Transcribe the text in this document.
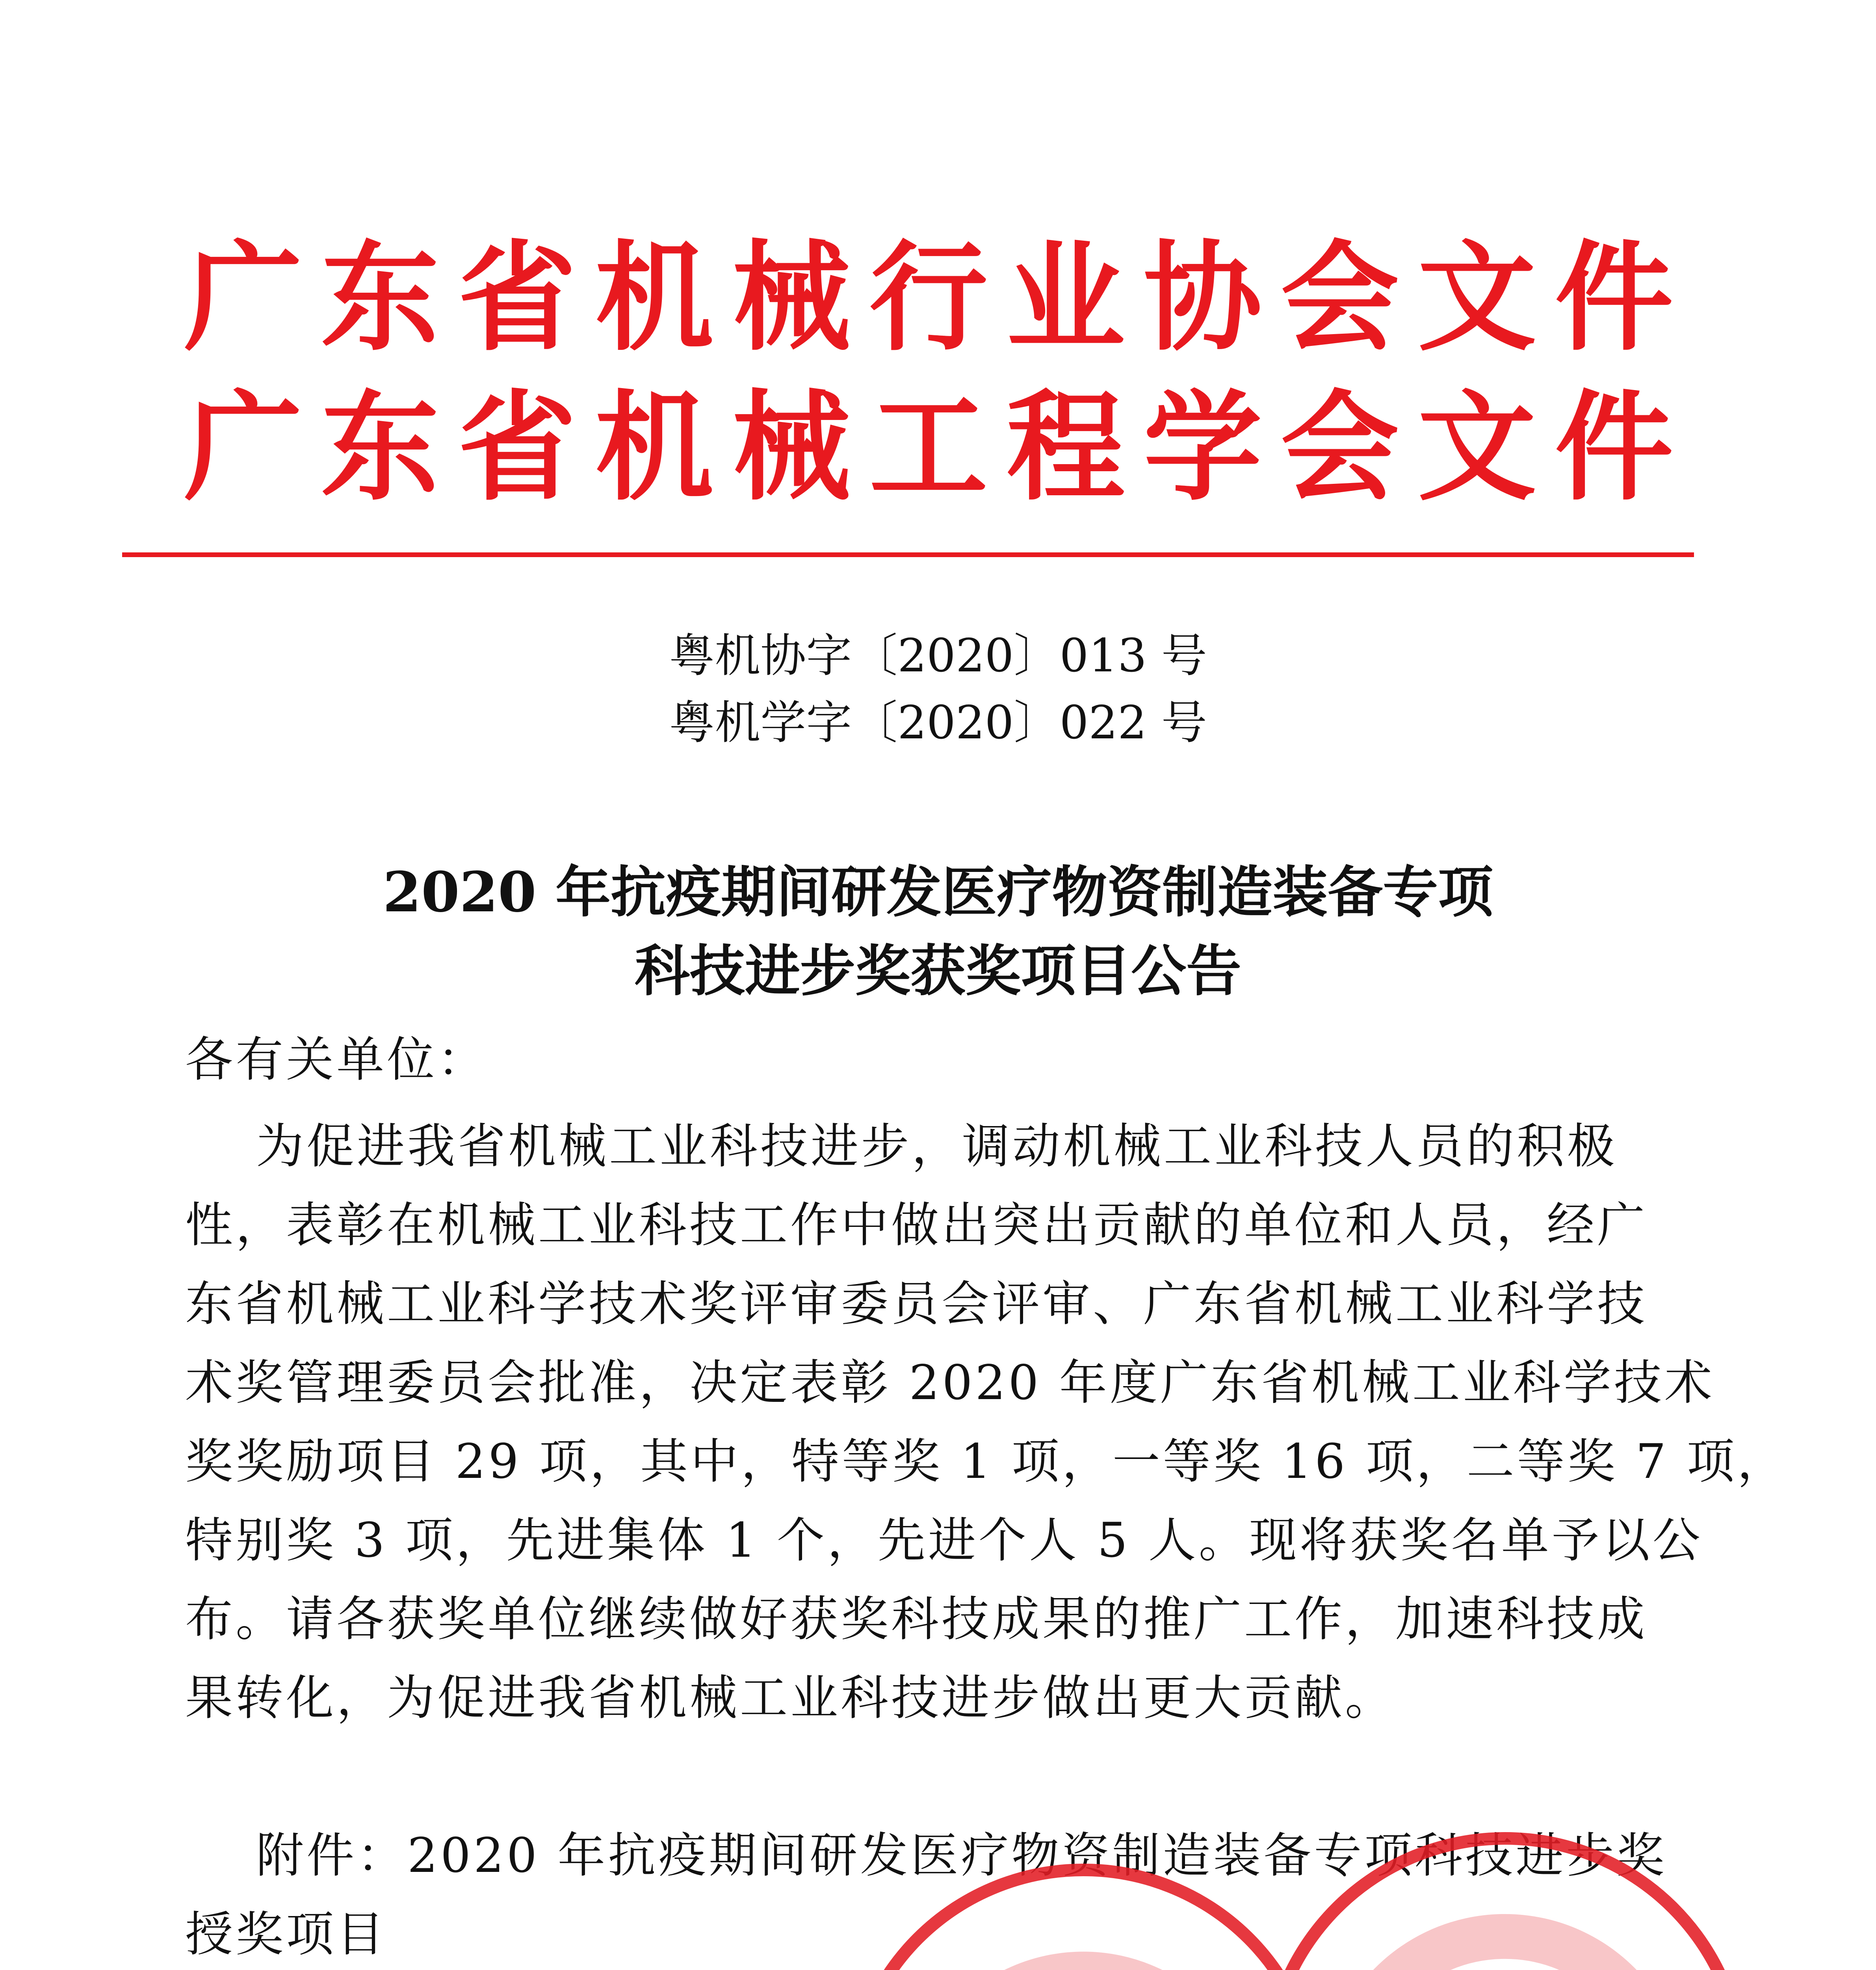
广东省机械行业协会文件
广东省机械工程学会文件
粤机协字〔2020〕013 号
粤机学字〔2020〕022 号
2020 年抗疫期间研发医疗物资制造装备专项
科技进步奖获奖项目公告
各有关单位：
为促进我省机械工业科技进步，调动机械工业科技人员的积极
性，表彰在机械工业科技工作中做出突出贡献的单位和人员，经广
东省机械工业科学技术奖评审委员会评审、广东省机械工业科学技
术奖管理委员会批准，决定表彰 2020 年度广东省机械工业科学技术
奖奖励项目 29 项，其中，特等奖 1 项，一等奖 16 项，二等奖 7 项，
特别奖 3 项，先进集体 1 个，先进个人 5 人。现将获奖名单予以公
布。请各获奖单位继续做好获奖科技成果的推广工作，加速科技成
果转化，为促进我省机械工业科技进步做出更大贡献。
附件：2020 年抗疫期间研发医疗物资制造装备专项科技进步奖
授奖项目
